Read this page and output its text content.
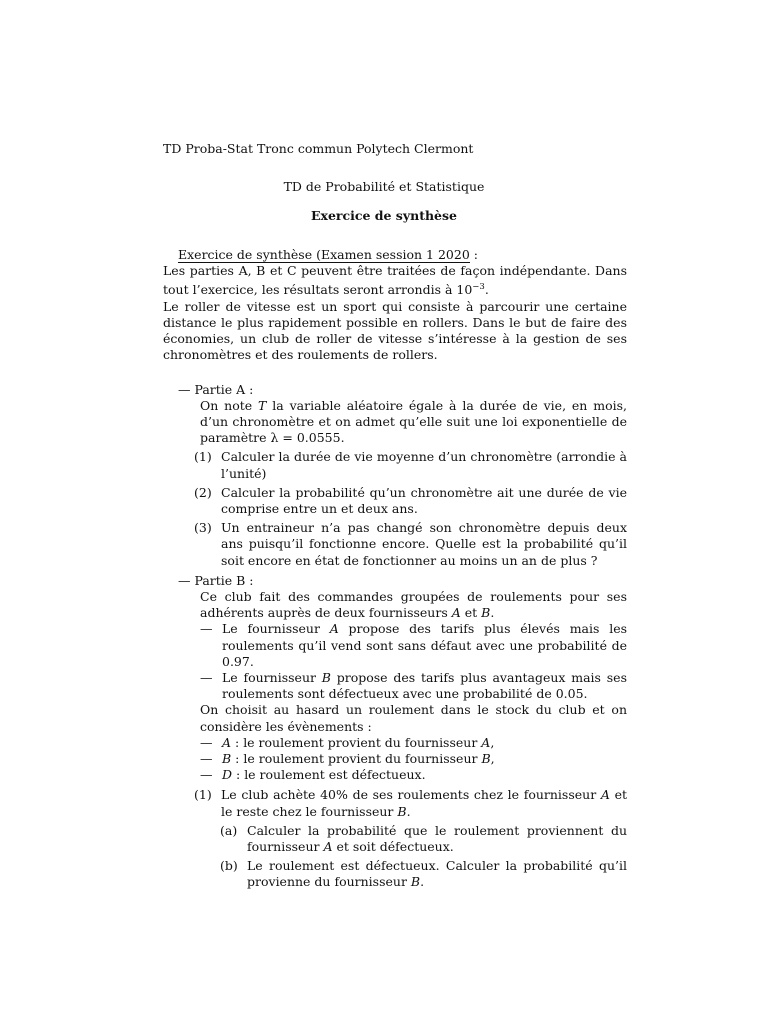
TD Proba-Stat Tronc commun Polytech Clermont
TD de Probabilité et Statistique
Exercice de synthèse
Exercice de synthèse (Examen session 1 2020 :

Les parties A, B et C peuvent être traitées de façon indépendante. Dans tout l’exercice, les résultats seront arrondis à $10^{-3}$.

Le roller de vitesse est un sport qui consiste à parcourir une certaine distance le plus rapidement possible en rollers. Dans le but de faire des économies, un club de roller de vitesse s’intéresse à la gestion de ses chronomètres et des roulements de rollers.

— Partie A :
On note T la variable aléatoire égale à la durée de vie, en mois, d’un chronomètre et on admet qu’elle suit une loi exponentielle de paramètre λ = 0.0555.
(1) Calculer la durée de vie moyenne d’un chronomètre (arrondie à l’unité)
(2) Calculer la probabilité qu’un chronomètre ait une durée de vie comprise entre un et deux ans.
(3) Un entraineur n’a pas changé son chronomètre depuis deux ans puisqu’il fonctionne encore. Quelle est la probabilité qu’il soit encore en état de fonctionner au moins un an de plus ?
— Partie B :
Ce club fait des commandes groupées de roulements pour ses adhérents auprès de deux fournisseurs A et B.
— Le fournisseur A propose des tarifs plus élevés mais les roulements qu’il vend sont sans défaut avec une probabilité de 0.97.
— Le fournisseur B propose des tarifs plus avantageux mais ses roulements sont défectueux avec une probabilité de 0.05.
On choisit au hasard un roulement dans le stock du club et on considère les évènements :
— A : le roulement provient du fournisseur A,
— B : le roulement provient du fournisseur B,
— D : le roulement est défectueux.
(1) Le club achète 40% de ses roulements chez le fournisseur A et le reste chez le fournisseur B.
(a) Calculer la probabilité que le roulement proviennent du fournisseur A et soit défectueux.
(b) Le roulement est défectueux. Calculer la probabilité qu’il provienne du fournisseur B.
